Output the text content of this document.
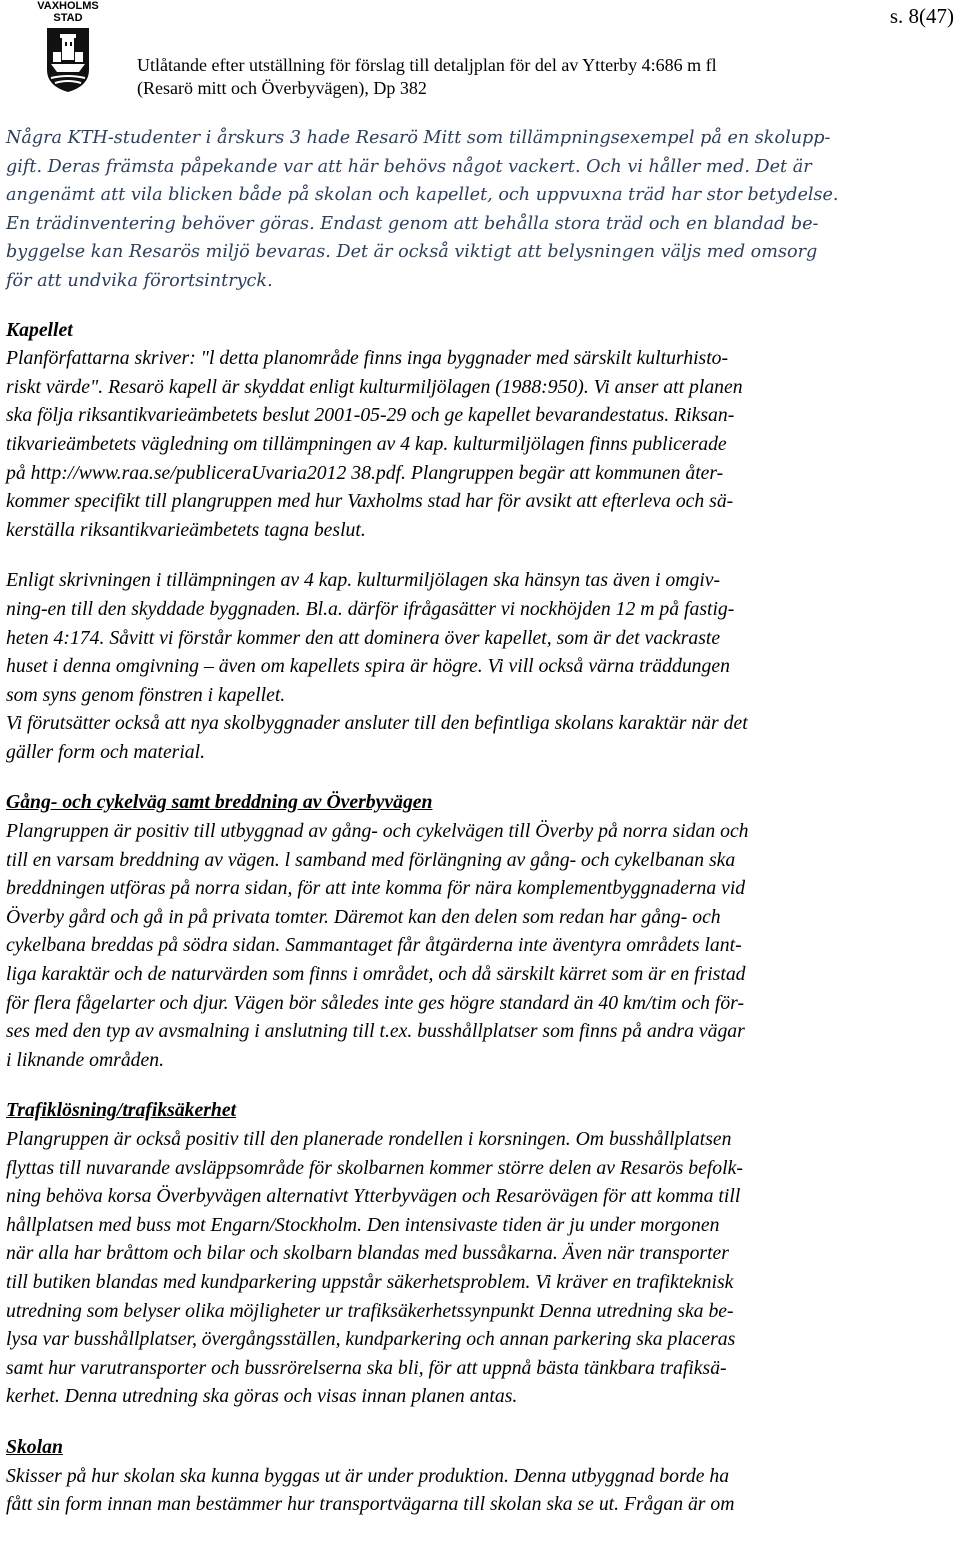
VAXHOLMS
STAD	s. 8(47)
Utlåtande efter utställning för förslag till detaljplan för del av Ytterby 4:686 m fl
(Resarö mitt och Överbyvägen), Dp 382
Några KTH-studenter i årskurs 3 hade Resarö Mitt som tillämpningsexempel på en skolupp-
gift. Deras främsta påpekande var att här behövs något vackert. Och vi håller med. Det är
angenämt att vila blicken både på skolan och kapellet, och uppvuxna träd har stor betydelse.
En trädinventering behöver göras. Endast genom att behålla stora träd och en blandad be-
byggelse kan Resarös miljö bevaras. Det är också viktigt att belysningen väljs med omsorg
för att undvika förortsintryck.
Kapellet

Planförfattarna skriver: "l detta planområde finns inga byggnader med särskilt kulturhisto-
riskt värde". Resarö kapell är skyddat enligt kulturmiljölagen (1988:950). Vi anser att planen
ska följa riksantikvarieämbetets beslut 2001-05-29 och ge kapellet bevarandestatus. Riksan-
tikvarieämbetets vägledning om tillämpningen av 4 kap. kulturmiljölagen finns publicerade
på http://www.raa.se/publiceraUvaria2012 38.pdf. Plangruppen begär att kommunen åter-
kommer specifikt till plangruppen med hur Vaxholms stad har för avsikt att efterleva och sä-
kerställa riksantikvarieämbetets tagna beslut.

Enligt skrivningen i tillämpningen av 4 kap. kulturmiljölagen ska hänsyn tas även i omgiv-
ning-en till den skyddade byggnaden. Bl.a. därför ifrågasätter vi nockhöjden 12 m på fastig-
heten 4:174. Såvitt vi förstår kommer den att dominera över kapellet, som är det vackraste
huset i denna omgivning – även om kapellets spira är högre. Vi vill också värna träddungen
som syns genom fönstren i kapellet.

Vi förutsätter också att nya skolbyggnader ansluter till den befintliga skolans karaktär när det
gäller form och material.

Gång- och cykelväg samt breddning av Överbyvägen

Plangruppen är positiv till utbyggnad av gång- och cykelvägen till Överby på norra sidan och
till en varsam breddning av vägen. l samband med förlängning av gång- och cykelbanan ska
breddningen utföras på norra sidan, för att inte komma för nära komplementbyggnaderna vid
Överby gård och gå in på privata tomter. Däremot kan den delen som redan har gång- och
cykelbana breddas på södra sidan. Sammantaget får åtgärderna inte äventyra områdets lant-
liga karaktär och de naturvärden som finns i området, och då särskilt kärret som är en fristad
för flera fågelarter och djur. Vägen bör således inte ges högre standard än 40 km/tim och för-
ses med den typ av avsmalning i anslutning till t.ex. busshållplatser som finns på andra vägar
i liknande områden.

Trafiklösning/trafiksäkerhet

Plangruppen är också positiv till den planerade rondellen i korsningen. Om busshållplatsen
flyttas till nuvarande avsläppsområde för skolbarnen kommer större delen av Resarös befolk-
ning behöva korsa Överbyvägen alternativt Ytterbyvägen och Resarövägen för att komma till
hållplatsen med buss mot Engarn/Stockholm. Den intensivaste tiden är ju under morgonen
när alla har bråttom och bilar och skolbarn blandas med bussåkarna. Även när transporter
till butiken blandas med kundparkering uppstår säkerhetsproblem. Vi kräver en trafikteknisk
utredning som belyser olika möjligheter ur trafiksäkerhetssynpunkt Denna utredning ska be-
lysa var busshållplatser, övergångsställen, kundparkering och annan parkering ska placeras
samt hur varutransporter och bussrörelserna ska bli, för att uppnå bästa tänkbara trafiksä-
kerhet. Denna utredning ska göras och visas innan planen antas.

Skolan

Skisser på hur skolan ska kunna byggas ut är under produktion. Denna utbyggnad borde ha
fått sin form innan man bestämmer hur transportvägarna till skolan ska se ut. Frågan är om
